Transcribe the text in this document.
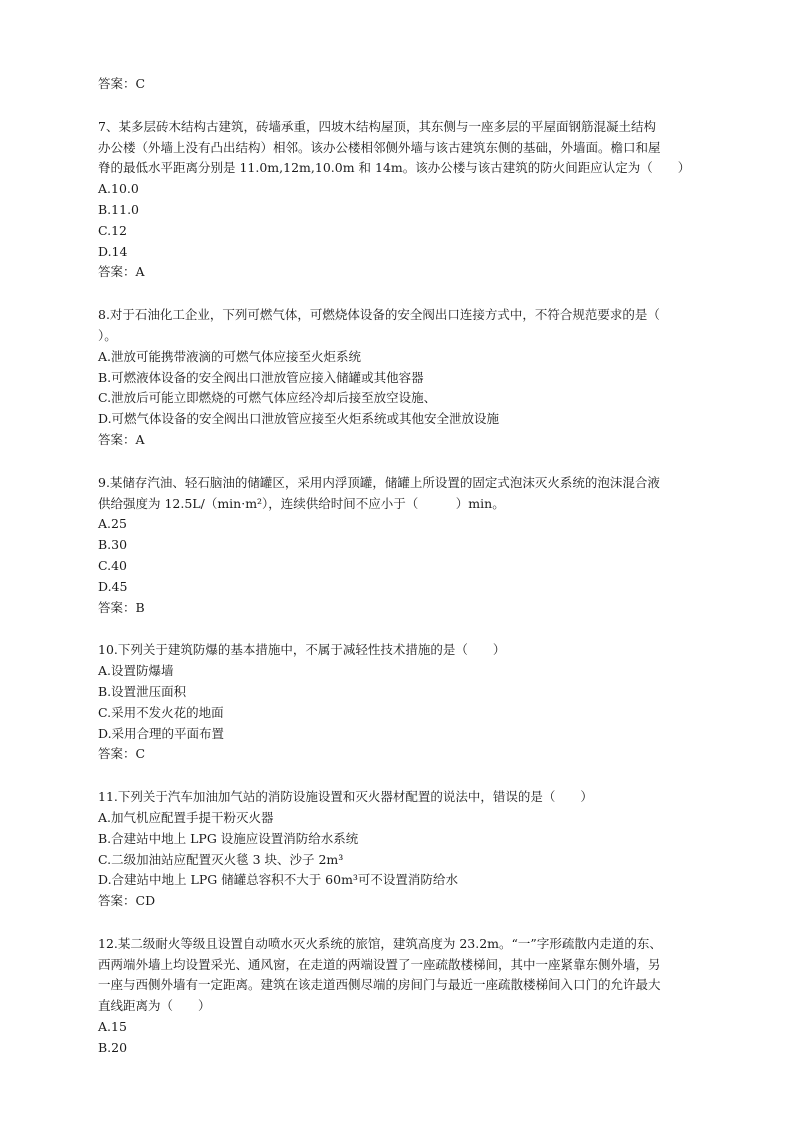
答案：C
7、某多层砖木结构古建筑，砖墙承重，四坡木结构屋顶，其东侧与一座多层的平屋面钢筋混凝土结构
办公楼（外墙上没有凸出结构）相邻。该办公楼相邻侧外墙与该古建筑东侧的基础，外墙面。檐口和屋
脊的最低水平距离分别是 11.0m,12m,10.0m 和 14m。该办公楼与该古建筑的防火间距应认定为（　　）
A.10.0
B.11.0
C.12
D.14
答案：A
8.对于石油化工企业，下列可燃气体，可燃烧体设备的安全阀出口连接方式中，不符合规范要求的是（
）。
A.泄放可能携带液滴的可燃气体应接至火炬系统
B.可燃液体设备的安全阀出口泄放管应接入储罐或其他容器
C.泄放后可能立即燃烧的可燃气体应经冷却后接至放空设施、
D.可燃气体设备的安全阀出口泄放管应接至火炬系统或其他安全泄放设施
答案：A
9.某储存汽油、轻石脑油的储罐区，采用内浮顶罐，储罐上所设置的固定式泡沫灭火系统的泡沫混合液
供给强度为 12.5L/（min·m²），连续供给时间不应小于（　　　）min。
A.25
B.30
C.40
D.45
答案：B
10.下列关于建筑防爆的基本措施中，不属于减轻性技术措施的是（　　）
A.设置防爆墙
B.设置泄压面积
C.采用不发火花的地面
D.采用合理的平面布置
答案：C
11.下列关于汽车加油加气站的消防设施设置和灭火器材配置的说法中，错误的是（　　）
A.加气机应配置手提干粉灭火器
B.合建站中地上 LPG 设施应设置消防给水系统
C.二级加油站应配置灭火毯 3 块、沙子 2m³
D.合建站中地上 LPG 储罐总容积不大于 60m³可不设置消防给水
答案：CD
12.某二级耐火等级且设置自动喷水灭火系统的旅馆，建筑高度为 23.2m。“一”字形疏散内走道的东、
西两端外墙上均设置采光、通风窗，在走道的两端设置了一座疏散楼梯间，其中一座紧靠东侧外墙，另
一座与西侧外墙有一定距离。建筑在该走道西侧尽端的房间门与最近一座疏散楼梯间入口门的允许最大
直线距离为（　　）
A.15
B.20
